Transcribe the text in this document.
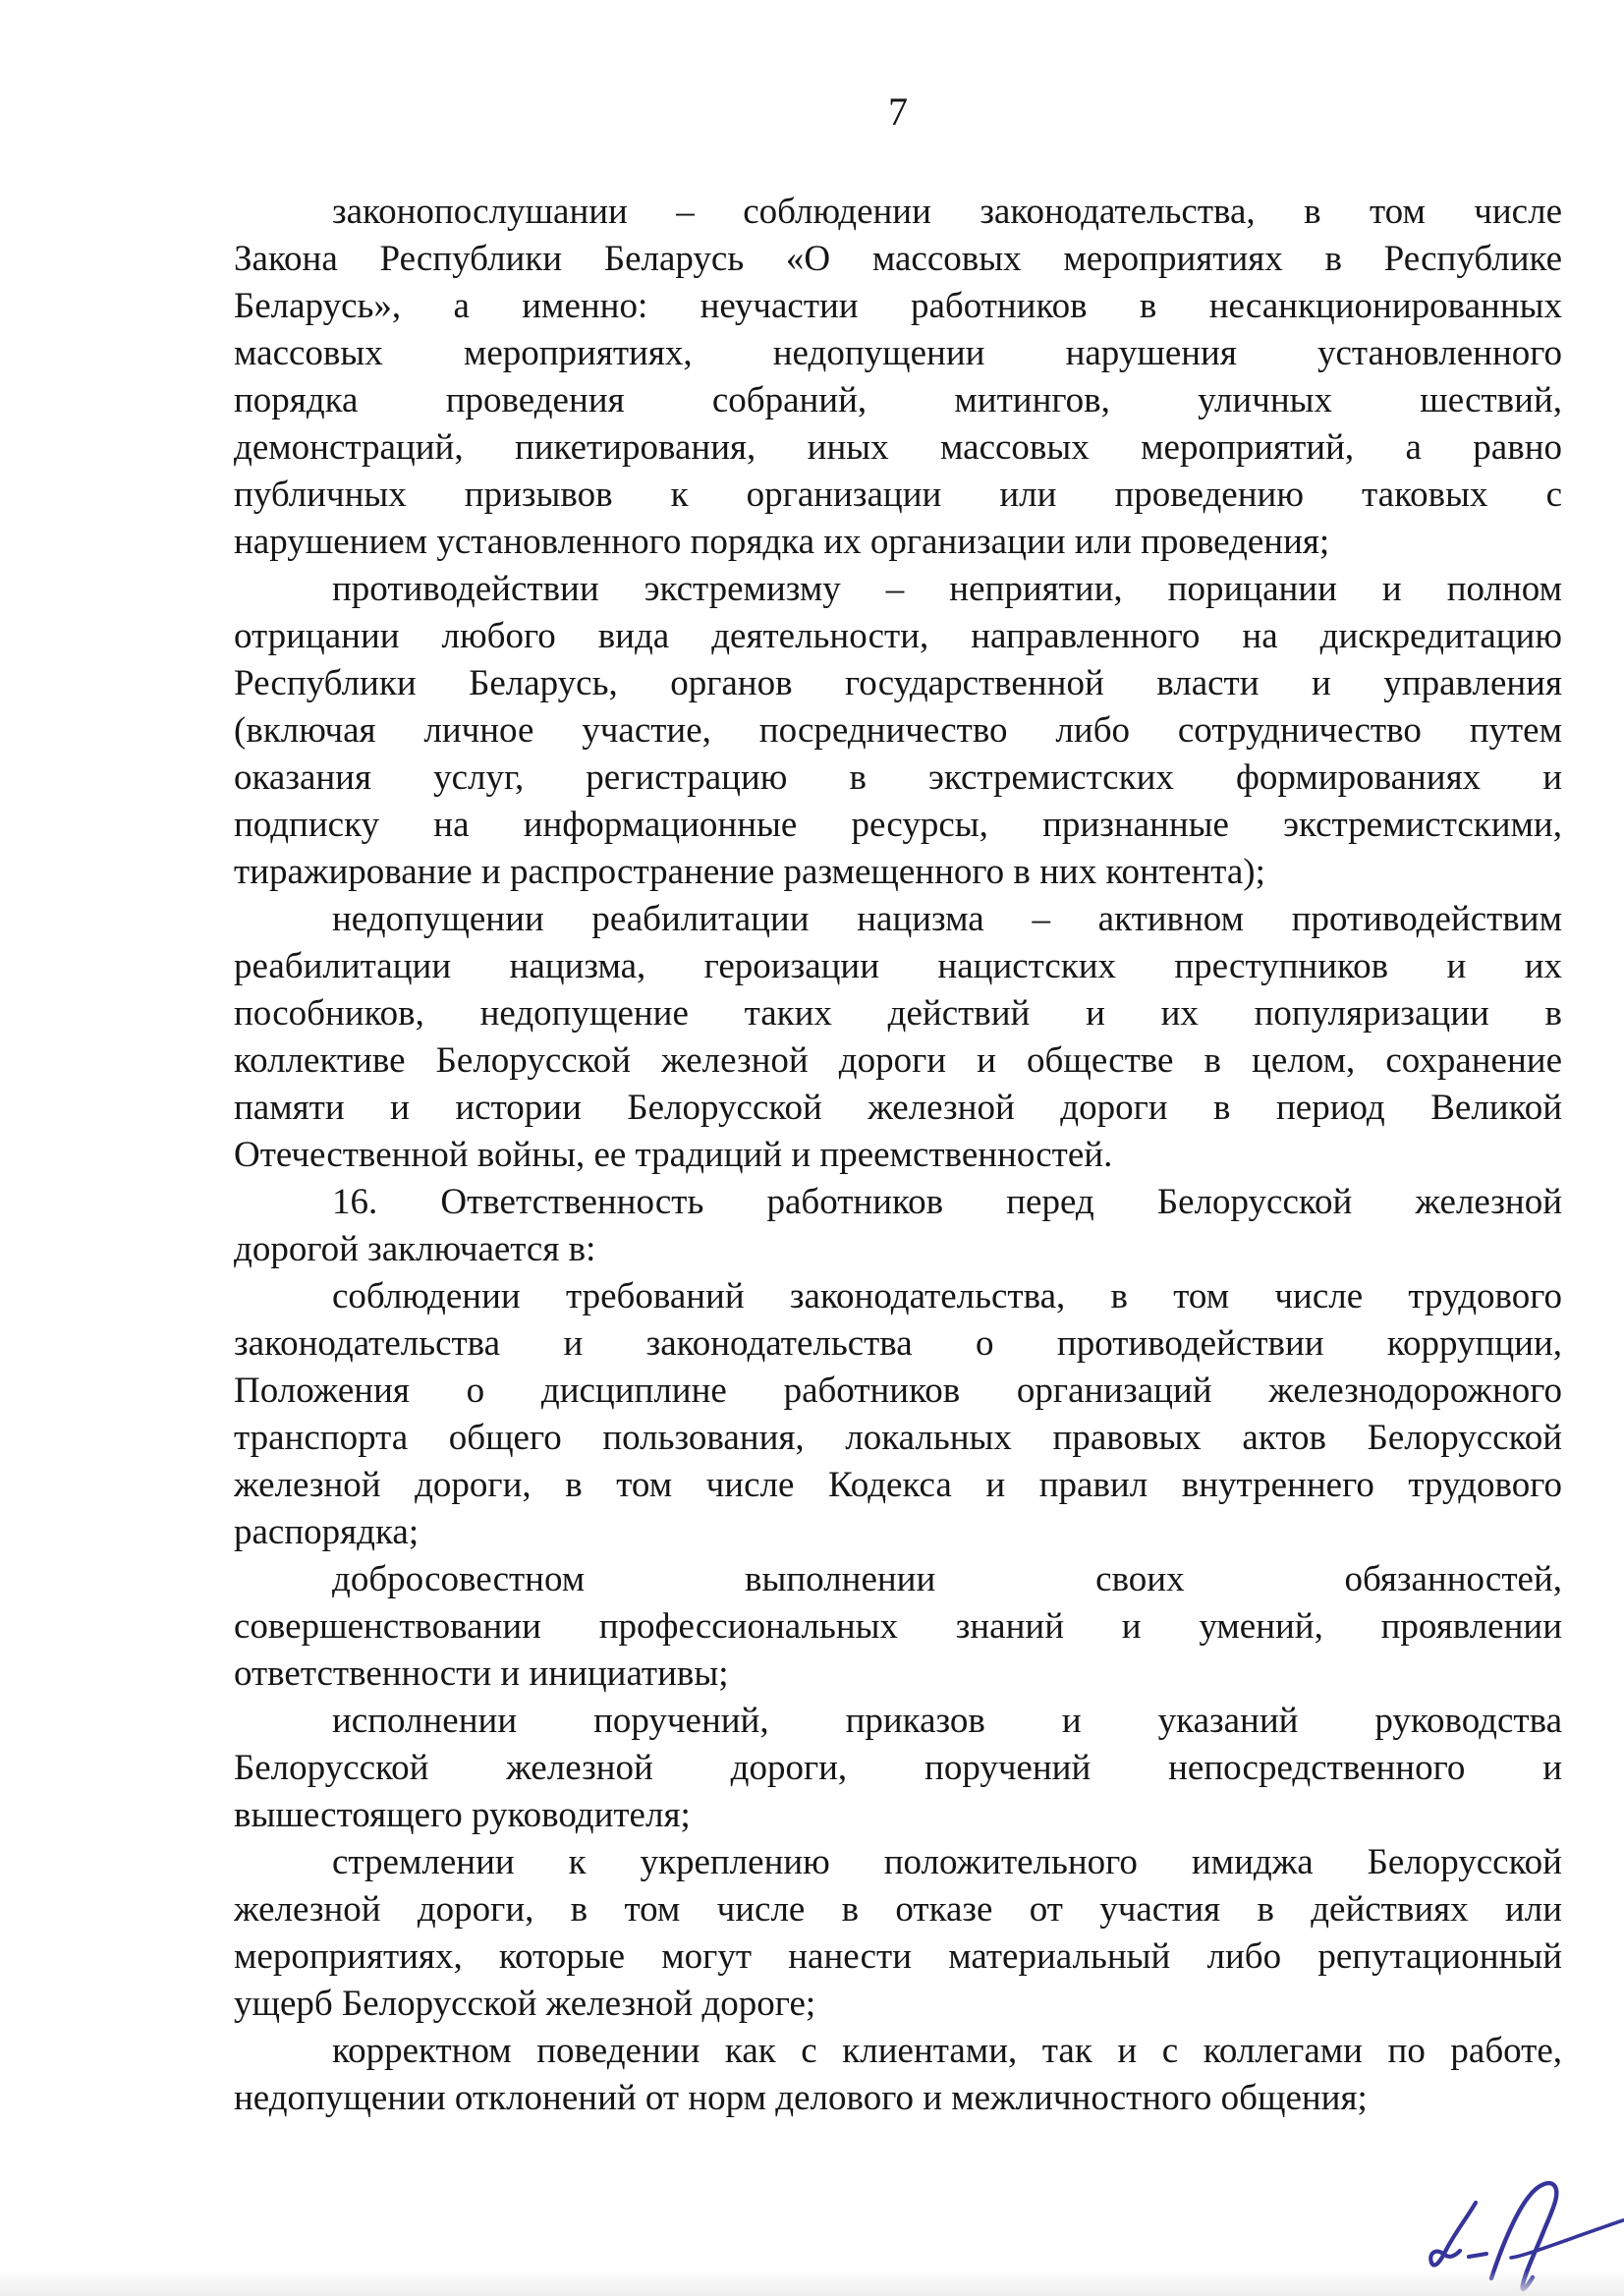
7
законопослушании – соблюдении законодательства, в том числе
Закона Республики Беларусь «О массовых мероприятиях в Республике
Беларусь», а именно: неучастии работников в несанкционированных
массовых мероприятиях, недопущении нарушения установленного
порядка проведения собраний, митингов, уличных шествий,
демонстраций, пикетирования, иных массовых мероприятий, а равно
публичных призывов к организации или проведению таковых с
нарушением установленного порядка их организации или проведения;
противодействии экстремизму – неприятии, порицании и полном
отрицании любого вида деятельности, направленного на дискредитацию
Республики Беларусь, органов государственной власти и управления
(включая личное участие, посредничество либо сотрудничество путем
оказания услуг, регистрацию в экстремистских формированиях и
подписку на информационные ресурсы, признанные экстремистскими,
тиражирование и распространение размещенного в них контента);
недопущении реабилитации нацизма – активном противодействим
реабилитации нацизма, героизации нацистских преступников и их
пособников, недопущение таких действий и их популяризации в
коллективе Белорусской железной дороги и обществе в целом, сохранение
памяти и истории Белорусской железной дороги в период Великой
Отечественной войны, ее традиций и преемственностей.
16. Ответственность работников перед Белорусской железной
дорогой заключается в:
соблюдении требований законодательства, в том числе трудового
законодательства и законодательства о противодействии коррупции,
Положения о дисциплине работников организаций железнодорожного
транспорта общего пользования, локальных правовых актов Белорусской
железной дороги, в том числе Кодекса и правил внутреннего трудового
распорядка;
добросовестном выполнении своих обязанностей,
совершенствовании профессиональных знаний и умений, проявлении
ответственности и инициативы;
исполнении поручений, приказов и указаний руководства
Белорусской железной дороги, поручений непосредственного и
вышестоящего руководителя;
стремлении к укреплению положительного имиджа Белорусской
железной дороги, в том числе в отказе от участия в действиях или
мероприятиях, которые могут нанести материальный либо репутационный
ущерб Белорусской железной дороге;
корректном поведении как с клиентами, так и с коллегами по работе,
недопущении отклонений от норм делового и межличностного общения;
